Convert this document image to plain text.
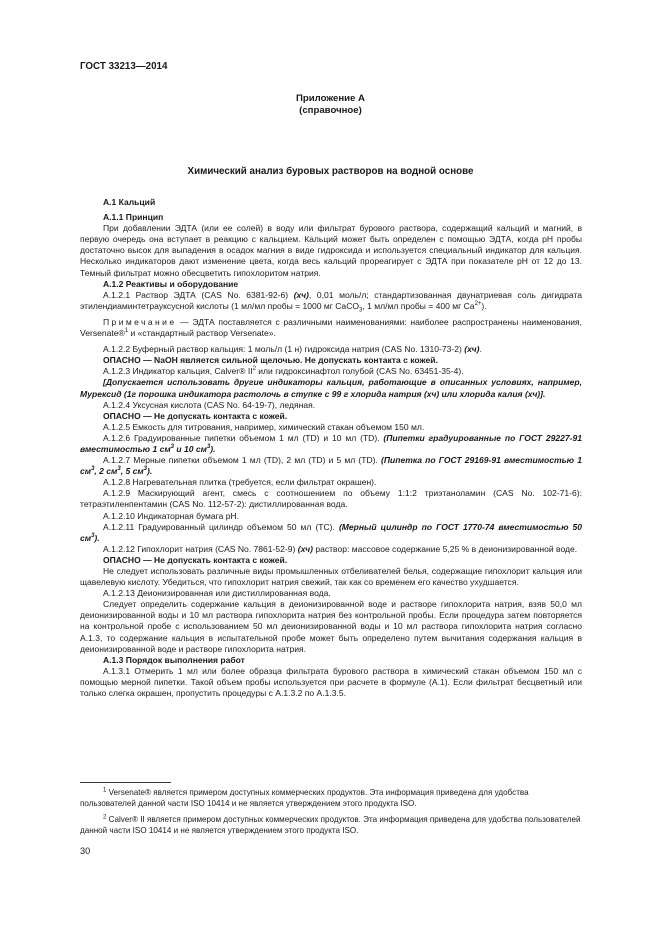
ГОСТ 33213—2014
Приложение А
(справочное)
Химический анализ буровых растворов на водной основе

А.1 Кальций

А.1.1 Принцип

При добавлении ЭДТА (или ее солей) в воду или фильтрат бурового раствора, содержащий кальций и магний, в первую очередь она вступает в реакцию с кальцием. Кальций может быть определен с помощью ЭДТА, когда pH пробы достаточно высок для выпадения в осадок магния в виде гидроксида и используется специальный индикатор для кальция. Несколько индикаторов дают изменение цвета, когда весь кальций прореагирует с ЭДТА при показателе pH от 12 до 13. Темный фильтрат можно обесцветить гипохлоритом натрия.

А.1.2 Реактивы и оборудование

А.1.2.1 Раствор ЭДТА (CAS No. 6381-92-6) (хч), 0,01 моль/л; стандартизованная двунатриевая соль дигидрата этилендиаминтетрауксусной кислоты (1 мл/мл пробы = 1000 мг CaCO$_3$, 1 мл/мл пробы = 400 мг $Ca^{2+}$).

Примечание — ЭДТА поставляется с различными наименованиями: наиболее распространены наименования, Versenate®$^1$ и «стандартный раствор Versenate».

А.1.2.2 Буферный раствор кальция: 1 моль/л (1 н) гидроксида натрия (CAS No. 1310-73-2) (хч).

ОПАСНО — NaOH является сильной щелочью. Не допускать контакта с кожей.

А.1.2.3 Индикатор кальция, Calver® $II^2$ или гидроксинафтол голубой (CAS No. 63451-35-4).

[Допускается использовать другие индикаторы кальция, работающие в описанных условиях, например, Мурексид (1г порошка индикатора растолочь в ступке с 99 г хлорида натрия (хч) или хлорида калия (хч)].

А.1.2.4 Уксусная кислота (CAS No. 64-19-7), ледяная.

ОПАСНО — Не допускать контакта с кожей.

А.1.2.5 Емкость для титрования, например, химический стакан объемом 150 мл.

А.1.2.6 Градуированные пипетки объемом 1 мл (TD) и 10 мл (TD). (Пипетки градуированные по ГОСТ 29227-91 вместимостью 1 $см^3$ и 10 $см^3$).

А.1.2.7 Мерные пипетки объемом 1 мл (TD), 2 мл (TD) и 5 мл (TD). (Пипетка по ГОСТ 29169-91 вместимостью 1 $см^3$, 2 $см^3$, 5 $см^3$).

А.1.2.8 Нагревательная плитка (требуется, если фильтрат окрашен).

А.1.2.9 Маскирующий агент, смесь с соотношением по объему 1:1:2 триэтаноламин (CAS No. 102-71-6): тетраэтиленпентамин (CAS No. 112-57-2): дистиллированная вода.

А.1.2.10 Индикаторная бумага pH.

А.1.2.11 Градуированный цилиндр объемом 50 мл (TC). (Мерный цилиндр по ГОСТ 1770-74 вместимостью 50 $см^3$).

А.1.2.12 Гипохлорит натрия (CAS No. 7861-52-9) (хч) раствор: массовое содержание 5,25 % в деионизированной воде.

ОПАСНО — Не допускать контакта с кожей.

Не следует использовать различные виды промышленных отбеливателей белья, содержащие гипохлорит кальция или щавелевую кислоту. Убедиться, что гипохлорит натрия свежий, так как со временем его качество ухудшается.

А.1.2.13 Деионизированная или дистиллированная вода.

Следует определить содержание кальция в деионизированной воде и растворе гипохлорита натрия, взяв 50,0 мл деионизированной воды и 10 мл раствора гипохлорита натрия без контрольной пробы. Если процедура затем повторяется на контрольной пробе с использованием 50 мл деионизированной воды и 10 мл раствора гипохлорита натрия согласно А.1.3, то содержание кальция в испытательной пробе может быть определено путем вычитания содержания кальция в деионизированной воде и растворе гипохлорита натрия.

А.1.3 Порядок выполнения работ

А.1.3.1 Отмерить 1 мл или более образца фильтрата бурового раствора в химический стакан объемом 150 мл с помощью мерной пипетки. Такой объем пробы используется при расчете в формуле (А.1). Если фильтрат бесцветный или только слегка окрашен, пропустить процедуры с А.1.3.2 по А.1.3.5.

$^1$ Versenate® является примером доступных коммерческих продуктов. Эта информация приведена для удобства пользователей данной части ISO 10414 и не является утверждением этого продукта ISO.
$^2$ Calver® II является примером доступных коммерческих продуктов. Эта информация приведена для удобства пользователей данной части ISO 10414 и не является утверждением этого продукта ISO.
30
